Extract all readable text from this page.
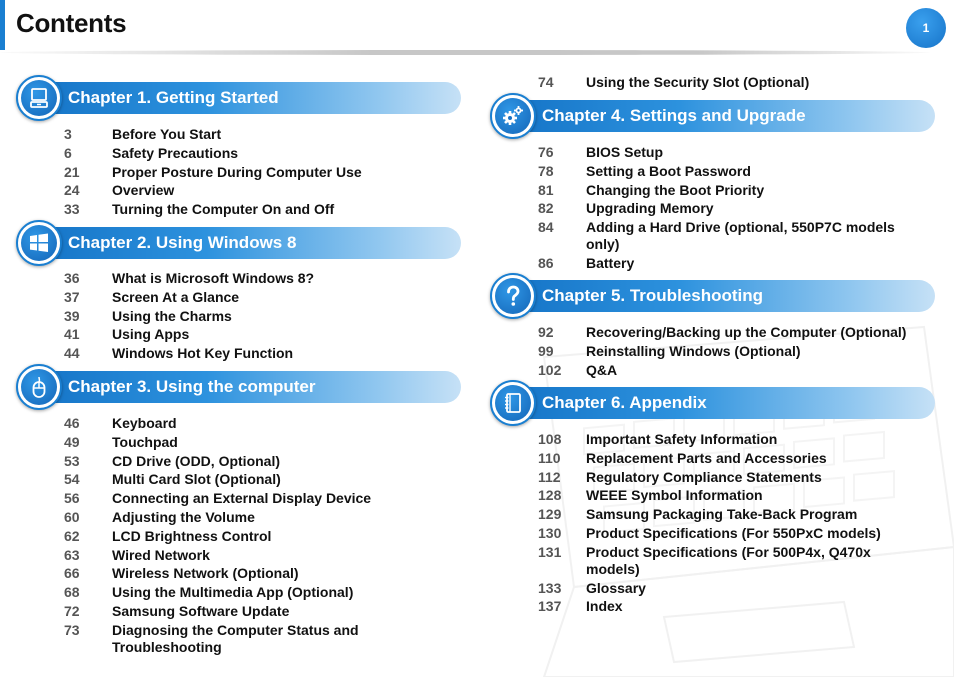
Contents	1
Chapter 1. Getting Started
3	Before You Start
6	Safety Precautions
21	Proper Posture During Computer Use
24	Overview
33	Turning the Computer On and Off
Chapter 2. Using Windows 8
36	What is Microsoft Windows 8?
37	Screen At a Glance
39	Using the Charms
41	Using Apps
44	Windows Hot Key Function
Chapter 3. Using the computer
46	Keyboard
49	Touchpad
53	CD Drive (ODD, Optional)
54	Multi Card Slot (Optional)
56	Connecting an External Display Device
60	Adjusting the Volume
62	LCD Brightness Control
63	Wired Network
66	Wireless Network (Optional)
68	Using the Multimedia App (Optional)
72	Samsung Software Update
73	Diagnosing the Computer Status and Troubleshooting
74	Using the Security Slot (Optional)
Chapter 4. Settings and Upgrade
76	BIOS Setup
78	Setting a Boot Password
81	Changing the Boot Priority
82	Upgrading Memory
84	Adding a Hard Drive (optional, 550P7C models only)
86	Battery
Chapter 5. Troubleshooting
92	Recovering/Backing up the Computer (Optional)
99	Reinstalling Windows (Optional)
102	Q&A
Chapter 6. Appendix
108	Important Safety Information
110	Replacement Parts and Accessories
112	Regulatory Compliance Statements
128	WEEE Symbol Information
129	Samsung Packaging Take-Back Program
130	Product Specifications (For 550PxC models)
131	Product Specifications (For 500P4x, Q470x models)
133	Glossary
137	Index
